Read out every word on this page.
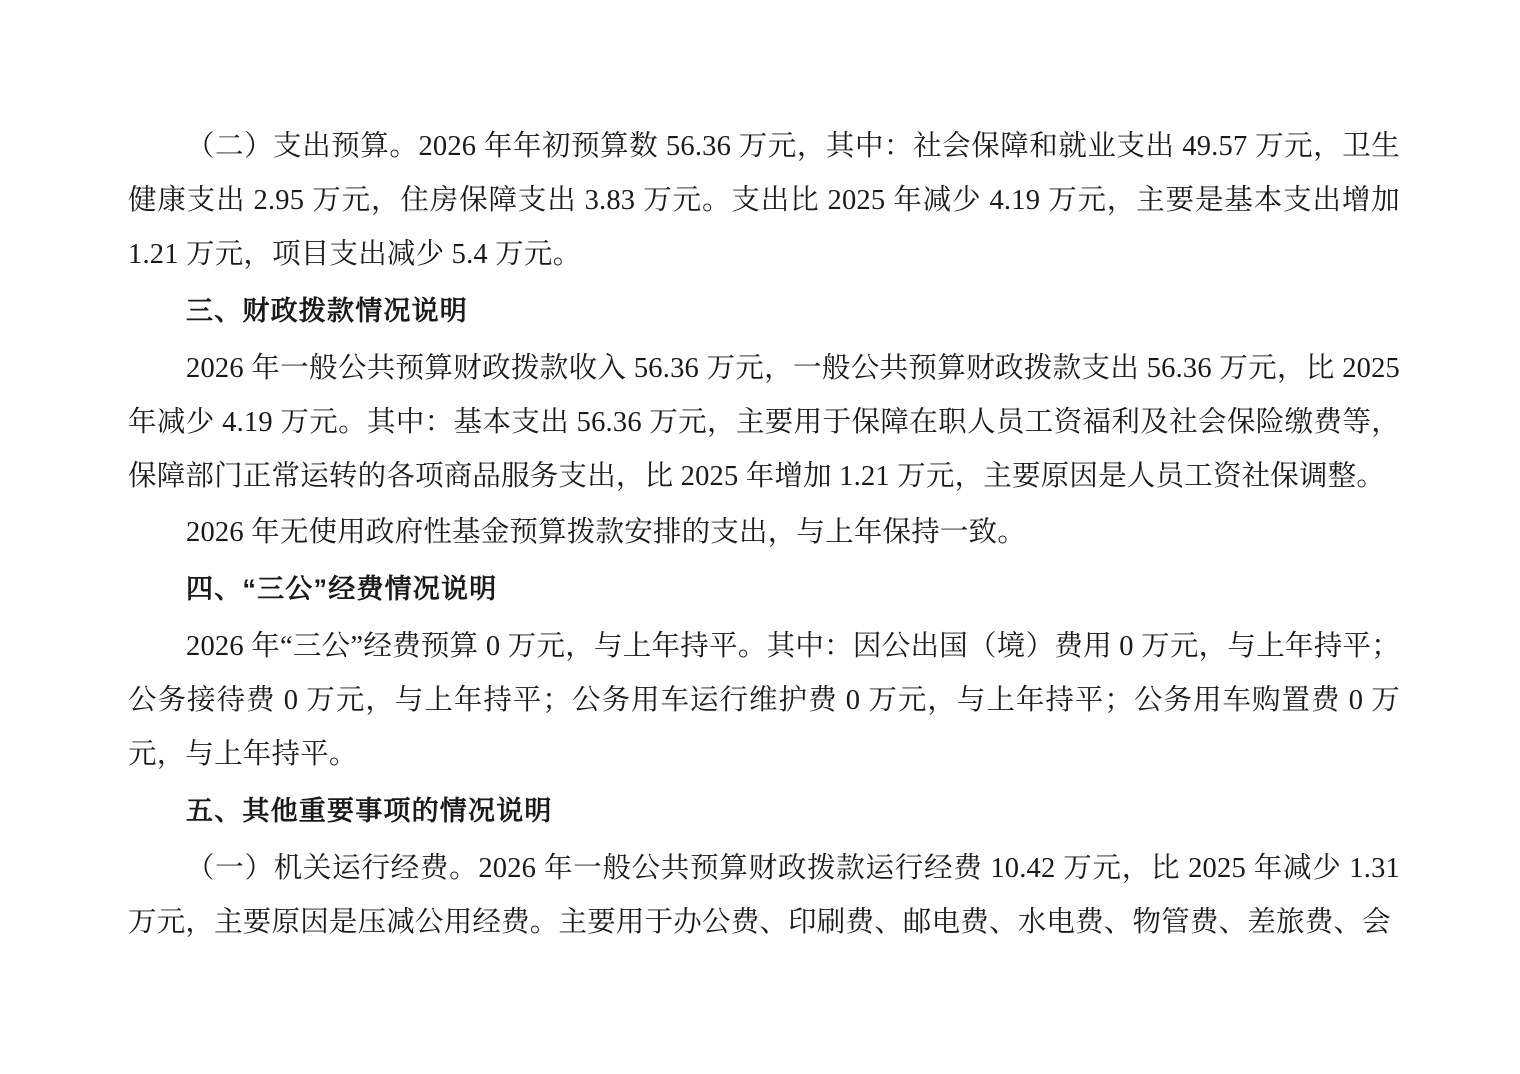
（二）支出预算。2026 年年初预算数 56.36 万元，其中：社会保障和就业支出 49.57 万元，卫生健康支出 2.95 万元，住房保障支出 3.83 万元。支出比 2025 年减少 4.19 万元，主要是基本支出增加 1.21 万元，项目支出减少 5.4 万元。

三、财政拨款情况说明

2026 年一般公共预算财政拨款收入 56.36 万元，一般公共预算财政拨款支出 56.36 万元，比 2025 年减少 4.19 万元。其中：基本支出 56.36 万元，主要用于保障在职人员工资福利及社会保险缴费等，保障部门正常运转的各项商品服务支出，比 2025 年增加 1.21 万元，主要原因是人员工资社保调整。

2026 年无使用政府性基金预算拨款安排的支出，与上年保持一致。

四、“三公”经费情况说明

2026 年“三公”经费预算 0 万元，与上年持平。其中：因公出国（境）费用 0 万元，与上年持平；公务接待费 0 万元，与上年持平；公务用车运行维护费 0 万元，与上年持平；公务用车购置费 0 万元，与上年持平。

五、其他重要事项的情况说明

（一）机关运行经费。2026 年一般公共预算财政拨款运行经费 10.42 万元，比 2025 年减少 1.31 万元，主要原因是压减公用经费。主要用于办公费、印刷费、邮电费、水电费、物管费、差旅费、会
